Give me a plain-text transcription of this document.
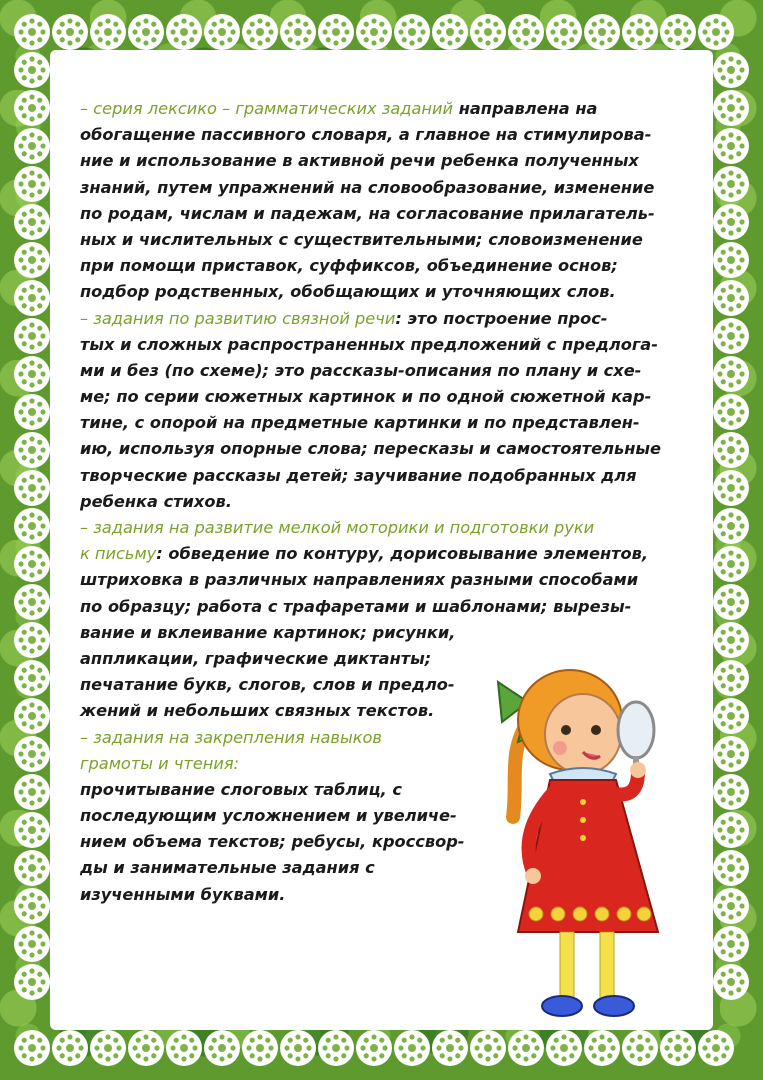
– серия лексико – грамматических заданий направлена на
обогащение пассивного словаря, а главное на стимулирова-
ние и использование в активной речи ребенка полученных
знаний, путем упражнений на словообразование, изменение
по родам, числам и падежам, на согласование прилагатель-
ных и числительных с существительными; словоизменение
при помощи приставок, суффиксов, объединение основ;
подбор родственных, обобщающих и уточняющих слов.
– задания по развитию связной речи: это построение прос-
тых и сложных распространенных предложений с предлога-
ми и без (по схеме); это рассказы-описания по плану и схе-
ме; по серии сюжетных картинок и по одной сюжетной кар-
тине, с опорой на предметные картинки и по представлен-
ию, используя опорные слова; пересказы и самостоятельные
творческие рассказы детей; заучивание подобранных для
ребенка стихов.
– задания на развитие мелкой моторики и подготовки руки
к письму: обведение по контуру, дорисовывание элементов,
штриховка в различных направлениях разными способами
по образцу; работа с трафаретами и шаблонами; вырезы-
вание и вклеивание картинок; рисунки,
аппликации, графические диктанты;
печатание букв, слогов, слов и предло-
жений и небольших связных текстов.
– задания на закрепления навыков
грамоты и чтения:
прочитывание слоговых таблиц, с
последующим усложнением и увеличе-
нием объема текстов; ребусы, кроссвор-
ды и занимательные задания с
изученными буквами.
